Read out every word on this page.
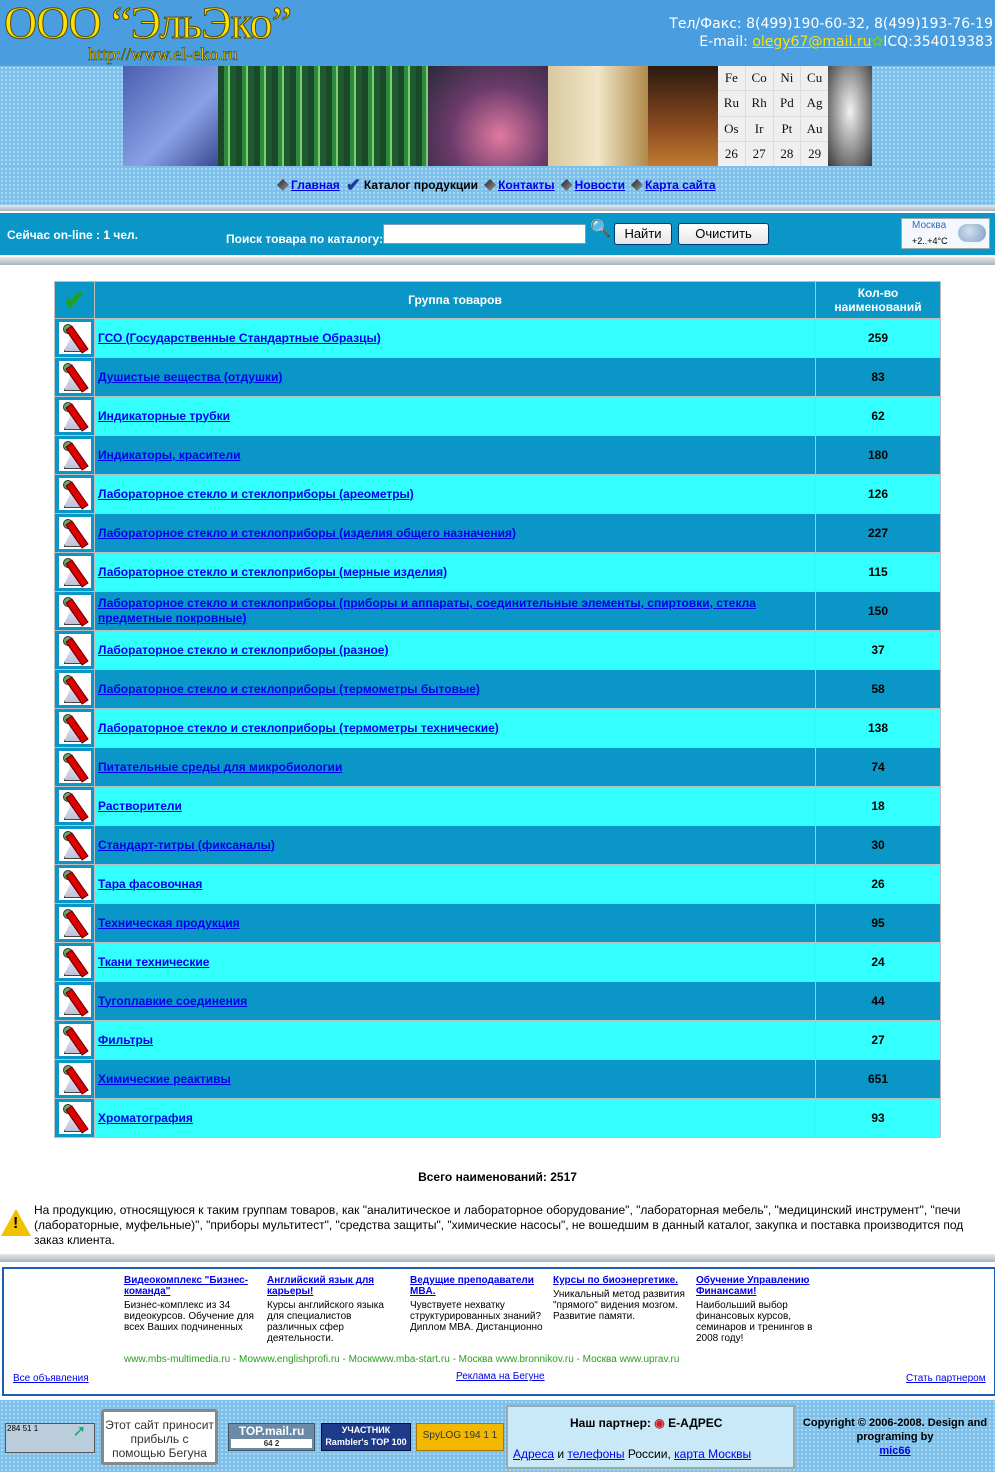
ООО “ЭльЭко”
http://www.el-eko.ru
Тел/Факс: 8(499)190-60-32, 8(499)193-76-19
E-mail: olegy67@mail.ru✿ICQ:354019383
Fe	Co	Ni	Cu
Ru Rh	Pd Ag
Os	Ir	Pt	Au
26	27	28	29
Главная ✔ Каталог продукции Контакты Новости Карта сайта
Сейчас on-line : 1 чел.	Поиск товара по каталогу:
🔍	Найти	Очистить
Москва
+2..+4°C
✔	Группа товаров	Кол-во наименований

	ГСО (Государственные Стандартные Образцы)	259

	Душистые вещества (отдушки)	83

	Индикаторные трубки	62

	Индикаторы, красители	180

	Лабораторное стекло и стеклоприборы (ареометры)	126

	Лабораторное стекло и стеклоприборы (изделия общего назначения)	227

	Лабораторное стекло и стеклоприборы (мерные изделия)	115

	Лабораторное стекло и стеклоприборы (приборы и аппараты, соединительные элементы, спиртовки, стекла предметные покровные)	150

	Лабораторное стекло и стеклоприборы (разное)	37

	Лабораторное стекло и стеклоприборы (термометры бытовые)	58

	Лабораторное стекло и стеклоприборы (термометры технические)	138

	Питательные среды для микробиологии	74

	Растворители	18

	Стандарт-титры (фиксаналы)	30

	Тара фасовочная	26

	Техническая продукция	95

	Ткани технические	24

	Тугоплавкие соединения	44

	Фильтры	27

	Химические реактивы	651

	Хроматография	93
Всего наименований: 2517
!
На продукцию, относящуюся к таким группам товаров, как "аналитическое и лабораторное оборудование", "лабораторная мебель", "медицинский инструмент", "печи (лабораторные, муфельные)", "приборы мультитест", "средства защиты", "химические насосы", не вошедшим в данный каталог, закупка и поставка производится под заказ клиента.
Видеокомплекс "Бизнес-команда"
Бизнес-комплекс из 34 видеокурсов. Обучение для всех Ваших подчиненных
Английский язык для карьеры!
Курсы английского языка для специалистов различных сфер деятельности.
Ведущие преподаватели MBA.
Чувствуете нехватку структурированных знаний? Диплом MBA. Дистанционно
Курсы по биоэнергетике.
Уникальный метод развития "прямого" видения мозгом. Развитие памяти.
Обучение Управлению Финансами!
Наибольший выбор финансовых курсов, семинаров и тренингов в 2008 году!
www.mbs-multimedia.ru - Моwww.englishprofi.ru - Москwww.mba-start.ru - Москва www.bronnikov.ru - Москва www.uprav.ru
Все объявления	Реклама на Бегуне	Стать партнером
284 51 1 ➚	Этот сайт приносит прибыль с помощью Бегуна
TOP.mail.ru
64 2
УЧАСТНИК Rambler's TOP 100
SpyLOG 194 1 1
Наш партнер: ◉ Е-АДРЕС
Адреса и телефоны России, карта Москвы
Copyright © 2006-2008. Design and programing by
mic66
